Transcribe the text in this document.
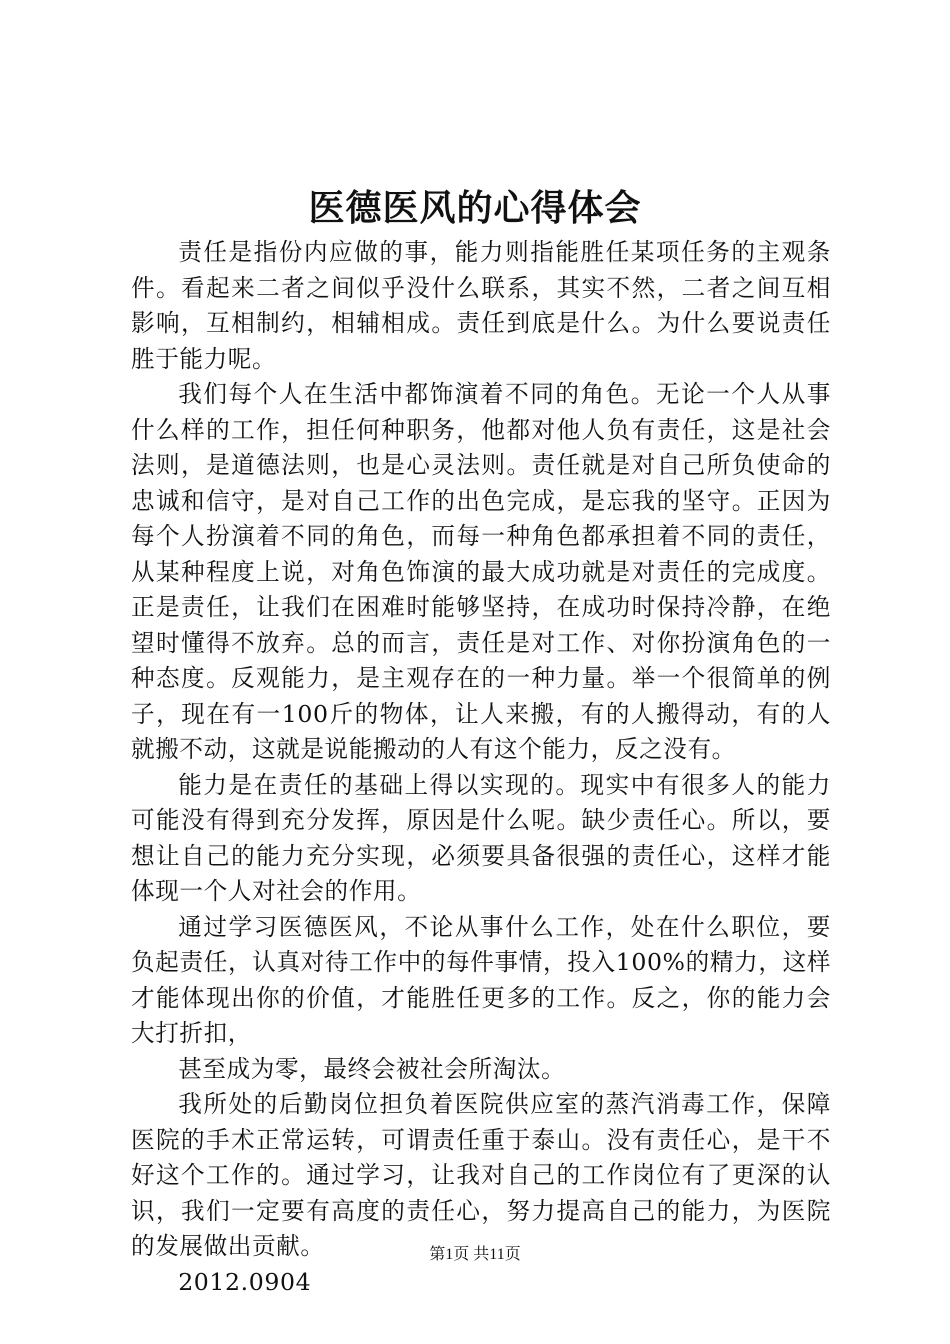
医德医风的心得体会

责任是指份内应做的事，能力则指能胜任某项任务的主观条件。看起来二者之间似乎没什么联系，其实不然，二者之间互相影响，互相制约，相辅相成。责任到底是什么。为什么要说责任胜于能力呢。

我们每个人在生活中都饰演着不同的角色。无论一个人从事什么样的工作，担任何种职务，他都对他人负有责任，这是社会法则，是道德法则，也是心灵法则。责任就是对自己所负使命的忠诚和信守，是对自己工作的出色完成，是忘我的坚守。正因为每个人扮演着不同的角色，而每一种角色都承担着不同的责任，从某种程度上说，对角色饰演的最大成功就是对责任的完成度。正是责任，让我们在困难时能够坚持，在成功时保持冷静，在绝望时懂得不放弃。总的而言，责任是对工作、对你扮演角色的一种态度。反观能力，是主观存在的一种力量。举一个很简单的例子，现在有一100斤的物体，让人来搬，有的人搬得动，有的人就搬不动，这就是说能搬动的人有这个能力，反之没有。

能力是在责任的基础上得以实现的。现实中有很多人的能力可能没有得到充分发挥，原因是什么呢。缺少责任心。所以，要想让自己的能力充分实现，必须要具备很强的责任心，这样才能体现一个人对社会的作用。

通过学习医德医风，不论从事什么工作，处在什么职位，要负起责任，认真对待工作中的每件事情，投入100%的精力，这样才能体现出你的价值，才能胜任更多的工作。反之，你的能力会大打折扣，

甚至成为零，最终会被社会所淘汰。

我所处的后勤岗位担负着医院供应室的蒸汽消毒工作，保障医院的手术正常运转，可谓责任重于泰山。没有责任心，是干不好这个工作的。通过学习，让我对自己的工作岗位有了更深的认识，我们一定要有高度的责任心，努力提高自己的能力，为医院的发展做出贡献。

2012.0904

第1页 共11页
